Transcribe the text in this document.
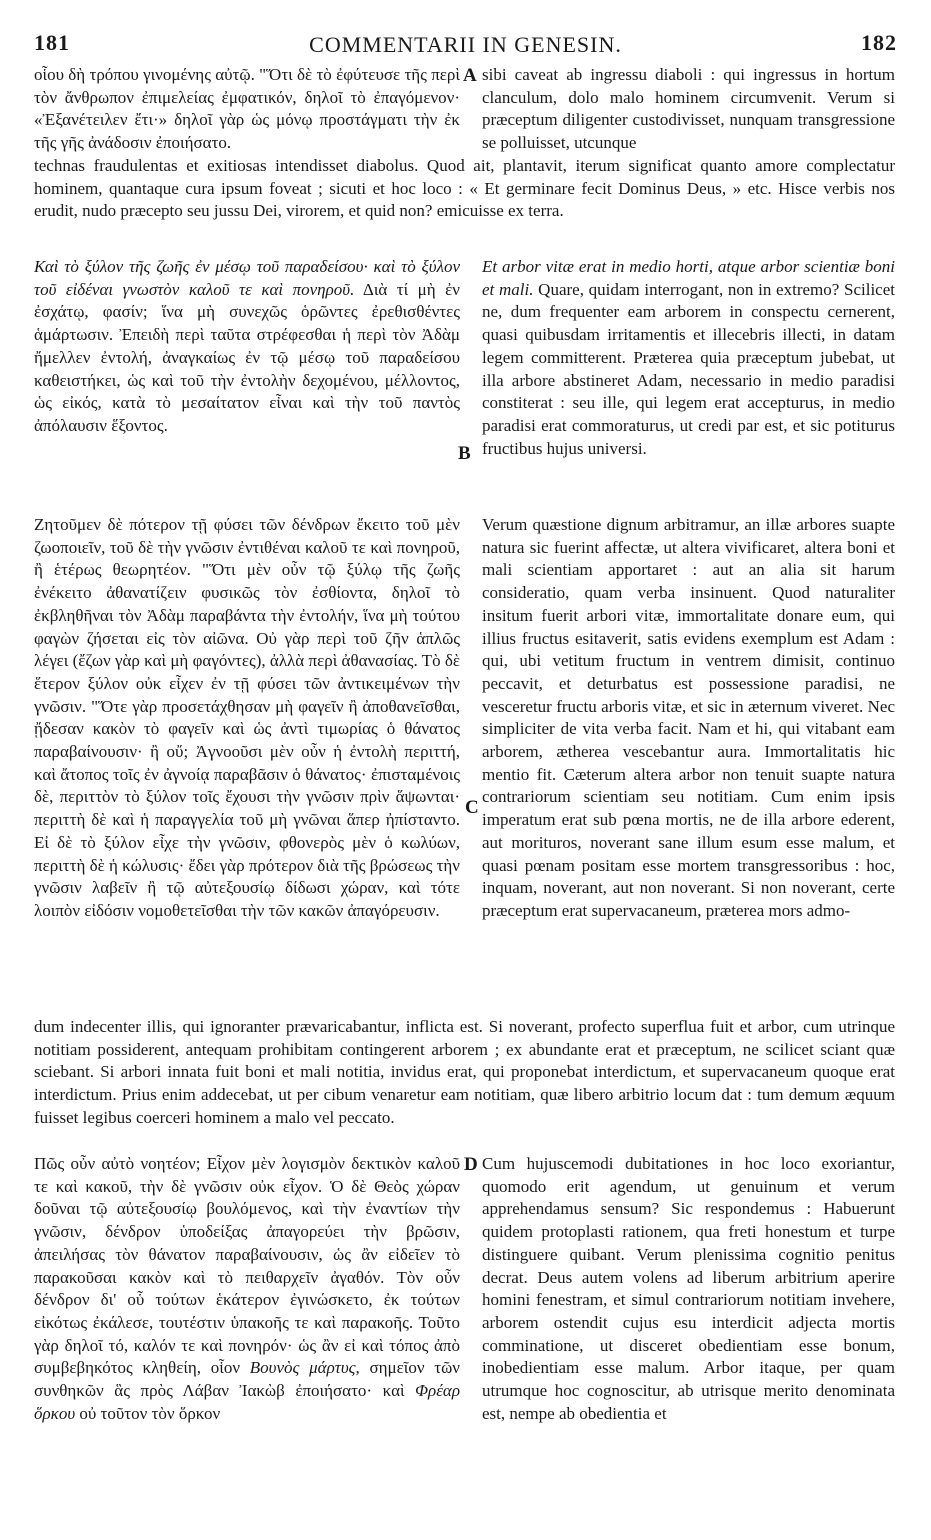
181	COMMENTARII IN GENESIN.	182
A
B
C
D

οἷου δὴ τρόπου γινομένης αὐτῷ. "Ὅτι δὲ τὸ ἐφύτευσε τῆς περὶ τὸν ἄνθρωπον ἐπιμελείας ἐμφατικόν, δηλοῖ τὸ ἐπαγόμενον· «Ἐξανέτειλεν ἔτι·» δηλοῖ γὰρ ὡς μόνῳ προστάγματι τὴν ἐκ τῆς γῆς ἀνάδοσιν ἐποιήσατο.

sibi caveat ab ingressu diaboli : qui ingressus in hortum clanculum, dolo malo hominem circumvenit. Verum si præceptum diligenter custodivisset, nunquam transgressione se polluisset, utcunque

technas fraudulentas et exitiosas intendisset diabolus. Quod ait, plantavit, iterum significat quanto amore complectatur hominem, quantaque cura ipsum foveat ; sicuti et hoc loco : « Et germinare fecit Dominus Deus, » etc. Hisce verbis nos erudit, nudo præcepto seu jussu Dei, virorem, et quid non? emicuisse ex terra.

Καὶ τὸ ξύλον τῆς ζωῆς ἐν μέσῳ τοῦ παραδείσου· καὶ τὸ ξύλον τοῦ εἰδέναι γνωστὸν καλοῦ τε καὶ πονηροῦ. Διὰ τί μὴ ἐν ἐσχάτῳ, φασίν; ἵνα μὴ συνεχῶς ὁρῶντες ἐρεθισθέντες ἁμάρτωσιν. Ἐπειδὴ περὶ ταῦτα στρέφεσθαι ἡ περὶ τὸν Ἀδὰμ ἤμελλεν ἐντολή, ἀναγκαίως ἐν τῷ μέσῳ τοῦ παραδείσου καθειστήκει, ὡς καὶ τοῦ τὴν ἐντολὴν δεχομένου, μέλλοντος, ὡς εἰκός, κατὰ τὸ μεσαίτατον εἶναι καὶ τὴν τοῦ παντὸς ἀπόλαυσιν ἕξοντος.

Et arbor vitæ erat in medio horti, atque arbor scientiæ boni et mali. Quare, quidam interrogant, non in extremo? Scilicet ne, dum frequenter eam arborem in conspectu cernerent, quasi quibusdam irritamentis et illecebris illecti, in datam legem committerent. Præterea quia præceptum jubebat, ut illa arbore abstineret Adam, necessario in medio paradisi constiterat : seu ille, qui legem erat accepturus, in medio paradisi erat commoraturus, ut credi par est, et sic potiturus fructibus hujus universi.

Ζητοῦμεν δὲ πότερον τῇ φύσει τῶν δένδρων ἔκειτο τοῦ μὲν ζωοποιεῖν, τοῦ δὲ τὴν γνῶσιν ἐντιθέναι καλοῦ τε καὶ πονηροῦ, ἢ ἑτέρως θεωρητέον. "Ὅτι μὲν οὖν τῷ ξύλῳ τῆς ζωῆς ἐνέκειτο ἀθανατίζειν φυσικῶς τὸν ἐσθίοντα, δηλοῖ τὸ ἐκβληθῆναι τὸν Ἀδὰμ παραβάντα τὴν ἐντολήν, ἵνα μὴ τούτου φαγὼν ζήσεται εἰς τὸν αἰῶνα. Οὐ γὰρ περὶ τοῦ ζῆν ἁπλῶς λέγει (ἔζων γὰρ καὶ μὴ φαγόντες), ἀλλὰ περὶ ἀθανασίας. Τὸ δὲ ἕτερον ξύλον οὐκ εἶχεν ἐν τῇ φύσει τῶν ἀντικειμένων τὴν γνῶσιν. "Ὅτε γὰρ προσετάχθησαν μὴ φαγεῖν ἢ ἀποθανεῖσθαι, ᾔδεσαν κακὸν τὸ φαγεῖν καὶ ὡς ἀντὶ τιμωρίας ὁ θάνατος παραβαίνουσιν· ἢ οὔ; Ἀγνοοῦσι μὲν οὖν ἡ ἐντολὴ περιττή, καὶ ἄτοπος τοῖς ἐν ἀγνοίᾳ παραβᾶσιν ὁ θάνατος· ἐπισταμένοις δὲ, περιττὸν τὸ ξύλον τοῖς ἔχουσι τὴν γνῶσιν πρὶν ἅψωνται· περιττὴ δὲ καὶ ἡ παραγγελία τοῦ μὴ γνῶναι ἅπερ ἠπίσταντο. Εἰ δὲ τὸ ξύλον εἶχε τὴν γνῶσιν, φθονερὸς μὲν ὁ κωλύων, περιττὴ δὲ ἡ κώλυσις· ἔδει γὰρ πρότερον διὰ τῆς βρώσεως τὴν γνῶσιν λαβεῖν ἢ τῷ αὐτεξουσίῳ δίδωσι χώραν, καὶ τότε λοιπὸν εἰδόσιν νομοθετεῖσθαι τὴν τῶν κακῶν ἀπαγόρευσιν.

Verum quæstione dignum arbitramur, an illæ arbores suapte natura sic fuerint affectæ, ut altera vivificaret, altera boni et mali scientiam apportaret : aut an alia sit harum consideratio, quam verba insinuent. Quod naturaliter insitum fuerit arbori vitæ, immortalitate donare eum, qui illius fructus esitaverit, satis evidens exemplum est Adam : qui, ubi vetitum fructum in ventrem dimisit, continuo peccavit, et deturbatus est possessione paradisi, ne vesceretur fructu arboris vitæ, et sic in æternum viveret. Nec simpliciter de vita verba facit. Nam et hi, qui vitabant eam arborem, ætherea vescebantur aura. Immortalitatis hic mentio fit. Cæterum altera arbor non tenuit suapte natura contrariorum scientiam seu notitiam. Cum enim ipsis imperatum erat sub pœna mortis, ne de illa arbore ederent, aut morituros, noverant sane illum esum esse malum, et quasi pœnam positam esse mortem transgressoribus : hoc, inquam, noverant, aut non noverant. Si non noverant, certe præceptum erat supervacaneum, præterea mors admo-

dum indecenter illis, qui ignoranter prævaricabantur, inflicta est. Si noverant, profecto superflua fuit et arbor, cum utrinque notitiam possiderent, antequam prohibitam contingerent arborem ; ex abundante erat et præceptum, ne scilicet sciant quæ sciebant. Si arbori innata fuit boni et mali notitia, invidus erat, qui proponebat interdictum, et supervacaneum quoque erat interdictum. Prius enim addecebat, ut per cibum venaretur eam notitiam, quæ libero arbitrio locum dat : tum demum æquum fuisset legibus coerceri hominem a malo vel peccato.

Πῶς οὖν αὐτὸ νοητέον; Εἶχον μὲν λογισμὸν δεκτικὸν καλοῦ τε καὶ κακοῦ, τὴν δὲ γνῶσιν οὐκ εἶχον. Ὁ δὲ Θεὸς χώραν δοῦναι τῷ αὐτεξουσίῳ βουλόμενος, καὶ τὴν ἐναντίων τὴν γνῶσιν, δένδρον ὑποδείξας ἀπαγορεύει τὴν βρῶσιν, ἀπειλήσας τὸν θάνατον παραβαίνουσιν, ὡς ἂν εἰδεῖεν τὸ παρακοῦσαι κακὸν καὶ τὸ πειθαρχεῖν ἀγαθόν. Τὸν οὖν δένδρον δι' οὗ τούτων ἑκάτερον ἐγινώσκετο, ἐκ τούτων εἰκότως ἐκάλεσε, τουτέστιν ὑπακοῆς τε καὶ παρακοῆς. Τοῦτο γὰρ δηλοῖ τό, καλόν τε καὶ πονηρόν· ὡς ἂν εἰ καὶ τόπος ἀπὸ συμβεβηκότος κληθείη, οἷον Βουνὸς μάρτυς, σημεῖον τῶν συνθηκῶν ἃς πρὸς Λάβαν Ἰακὼβ ἐποιήσατο· καὶ Φρέαρ ὅρκου οὐ τοῦτον τὸν ὅρκον

Cum hujuscemodi dubitationes in hoc loco exoriantur, quomodo erit agendum, ut genuinum et verum apprehendamus sensum? Sic respondemus : Habuerunt quidem protoplasti rationem, qua freti honestum et turpe distinguere quibant. Verum plenissima cognitio penitus decrat. Deus autem volens ad liberum arbitrium aperire homini fenestram, et simul contrariorum notitiam invehere, arborem ostendit cujus esu interdicit adjecta mortis comminatione, ut disceret obedientiam esse bonum, inobedientiam esse malum. Arbor itaque, per quam utrumque hoc cognoscitur, ab utrisque merito denominata est, nempe ab obedientia et
